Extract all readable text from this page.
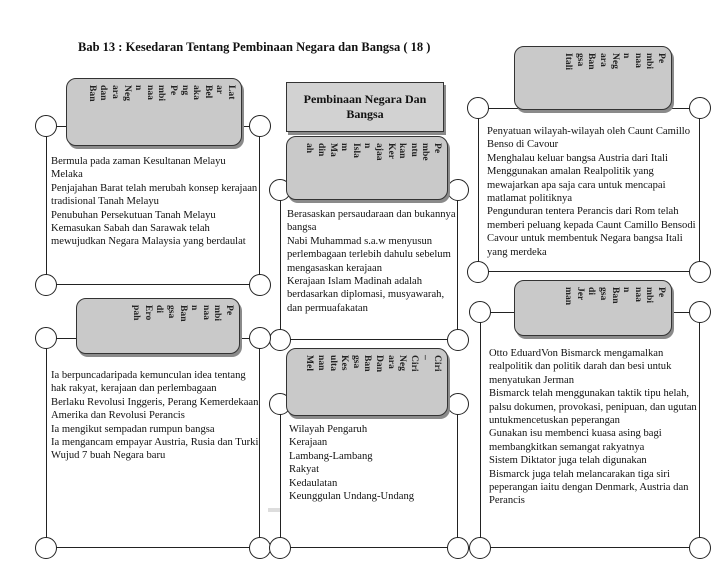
Bab 13 : Kesedaran Tentang Pembinaan Negara dan Bangsa ( 18 )
Pembinaan Negara Dan Bangsa
Bermula pada zaman Kesultanan Melayu Melaka
Penjajahan Barat telah merubah konsep kerajaan tradisional Tanah Melayu
Penubuhan Persekutuan Tanah Melayu
Kemasukan Sabah dan Sarawak telah mewujudkan Negara Malaysia yang berdaulat
Lat
ar
Bel
aka
ng
Pe
mbi
naa
n
Neg
ara
dan
Ban
Berasaskan persaudaraan dan bukannya bangsa
Nabi Muhammad s.a.w menyusun perlembagaan terlebih dahulu sebelum mengasaskan kerajaan
Kerajaan Islam Madinah adalah berdasarkan diplomasi, musyawarah, dan permuafakatan
Pe
mbe
ntu
kan
Ker
ajaa
n
Isla
m
Ma
din
ah
Penyatuan wilayah-wilayah oleh Caunt Camillo Benso di Cavour
Menghalau keluar bangsa Austria dari Itali
Menggunakan amalan Realpolitik yang mewajarkan apa saja cara untuk mencapai matlamat politiknya
Pengunduran tentera Perancis dari Rom telah memberi peluang kepada Caunt Camillo Bensodi Cavour untuk membentuk Negara bangsa Itali yang merdeka
Pe
mbi
naa
n
Neg
ara
Ban
gsa
Itali
Ia berpuncadaripada kemunculan idea tentang hak rakyat, kerajaan dan perlembagaan
Berlaku Revolusi Inggeris, Perang Kemerdekaan Amerika dan Revolusi Perancis
Ia mengikut sempadan rumpun bangsa
Ia mengancam empayar Austria, Rusia dan Turki
Wujud 7 buah Negara baru
Pe
mbi
naa
n
Ban
gsa
di
Ero
pah
Wilayah Pengaruh
Kerajaan
Lambang-Lambang
Rakyat
Kedaulatan
Keunggulan Undang-Undang
Ciri
–
Ciri
Neg
ara
Dan
Ban
gsa
Kes
ulta
nan
Mel
Otto EduardVon Bismarck mengamalkan realpolitik dan politik darah dan besi untuk menyatukan Jerman
Bismarck telah menggunakan taktik tipu helah, palsu dokumen, provokasi, penipuan, dan ugutan untukmencetuskan peperangan
Gunakan isu membenci kuasa asing bagi membangkitkan semangat rakyatnya
Sistem Diktator juga telah digunakan
Bismarck juga telah melancarakan tiga siri peperangan iaitu dengan Denmark, Austria dan Perancis
Pe
mbi
naa
n
Ban
gsa
di
Jer
man
